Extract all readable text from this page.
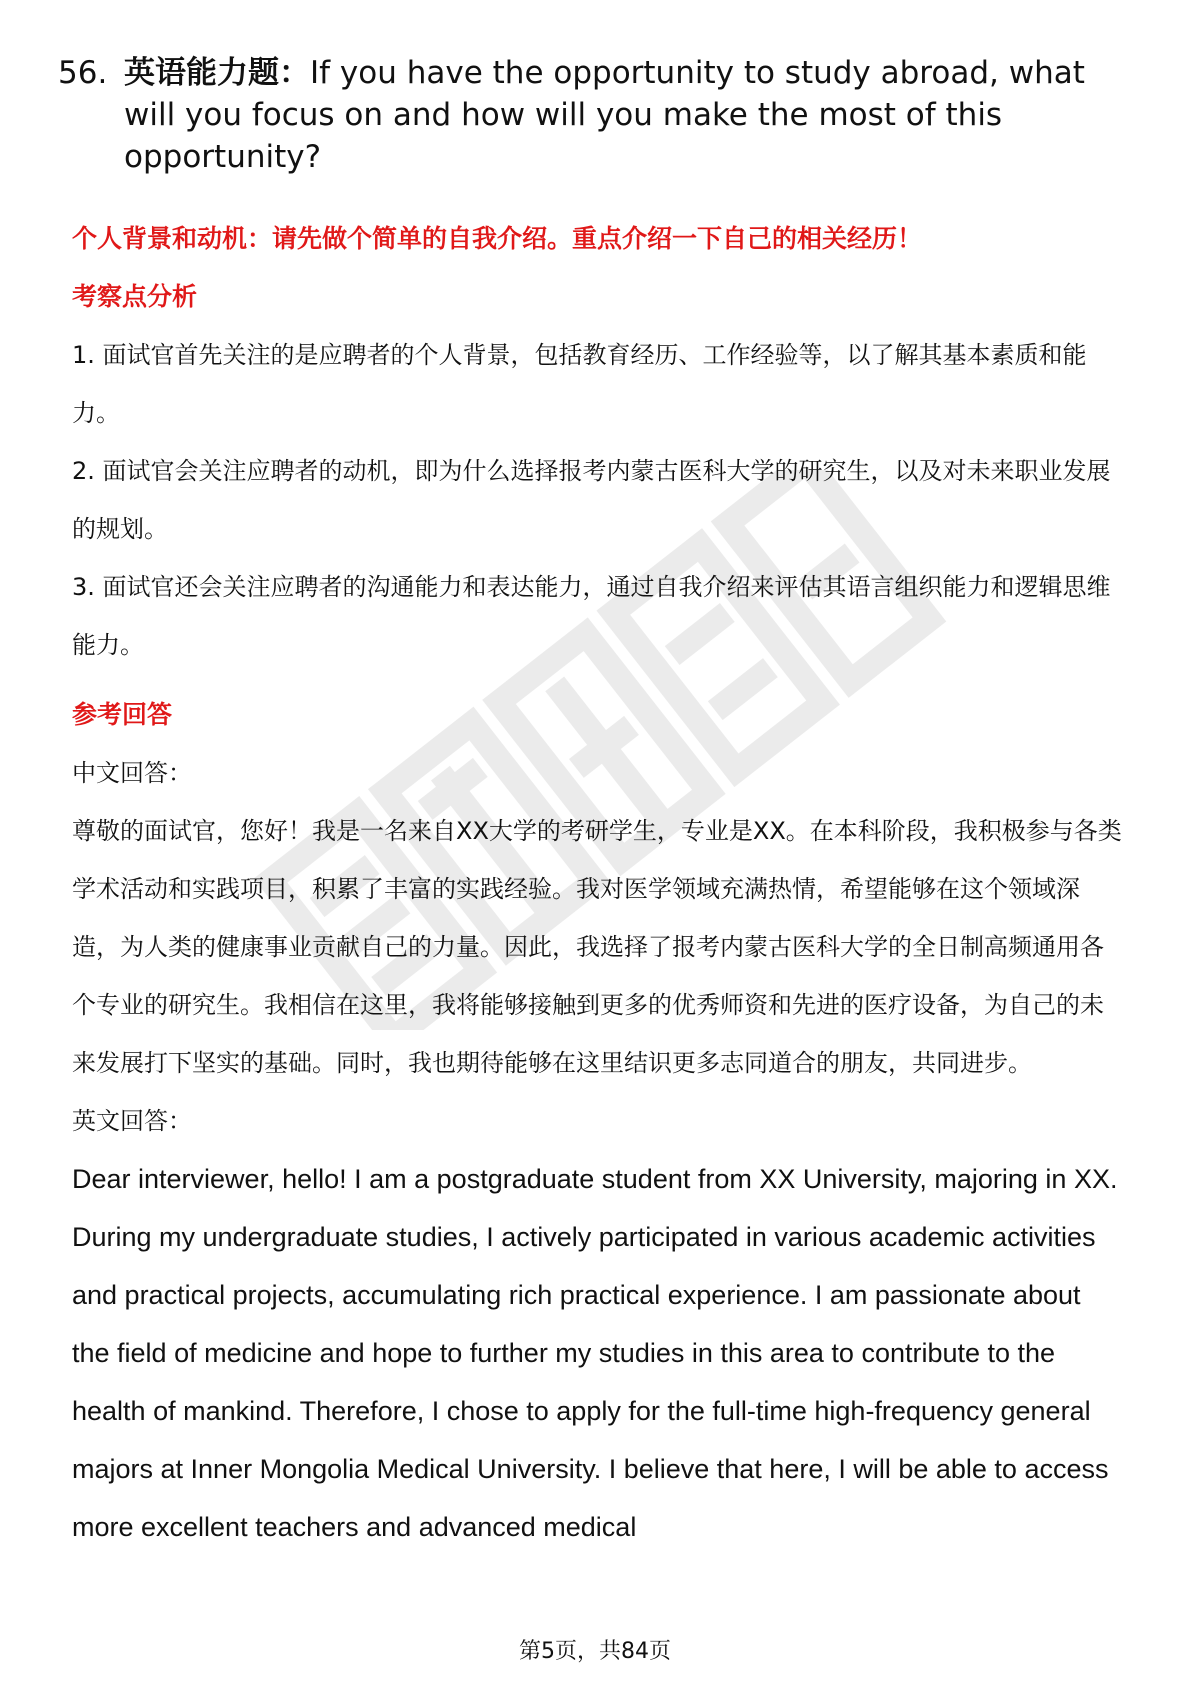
56. 英语能力题：If you have the opportunity to study abroad, what will you focus on and how will you make the most of this opportunity?
个人背景和动机：请先做个简单的自我介绍。重点介绍一下自己的相关经历！
考察点分析
1. 面试官首先关注的是应聘者的个人背景，包括教育经历、工作经验等，以了解其基本素质和能力。
2. 面试官会关注应聘者的动机，即为什么选择报考内蒙古医科大学的研究生，以及对未来职业发展的规划。
3. 面试官还会关注应聘者的沟通能力和表达能力，通过自我介绍来评估其语言组织能力和逻辑思维能力。
参考回答
中文回答：

尊敬的面试官，您好！我是一名来自XX大学的考研学生，专业是XX。在本科阶段，我积极参与各类学术活动和实践项目，积累了丰富的实践经验。我对医学领域充满热情，希望能够在这个领域深造，为人类的健康事业贡献自己的力量。因此，我选择了报考内蒙古医科大学的全日制高频通用各个专业的研究生。我相信在这里，我将能够接触到更多的优秀师资和先进的医疗设备，为自己的未来发展打下坚实的基础。同时，我也期待能够在这里结识更多志同道合的朋友，共同进步。

英文回答：

Dear interviewer, hello! I am a postgraduate student from XX University, majoring in XX. During my undergraduate studies, I actively participated in various academic activities and practical projects, accumulating rich practical experience. I am passionate about the field of medicine and hope to further my studies in this area to contribute to the health of mankind. Therefore, I chose to apply for the full-time high-frequency general majors at Inner Mongolia Medical University. I believe that here, I will be able to access more excellent teachers and advanced medical

第5页，共84页
